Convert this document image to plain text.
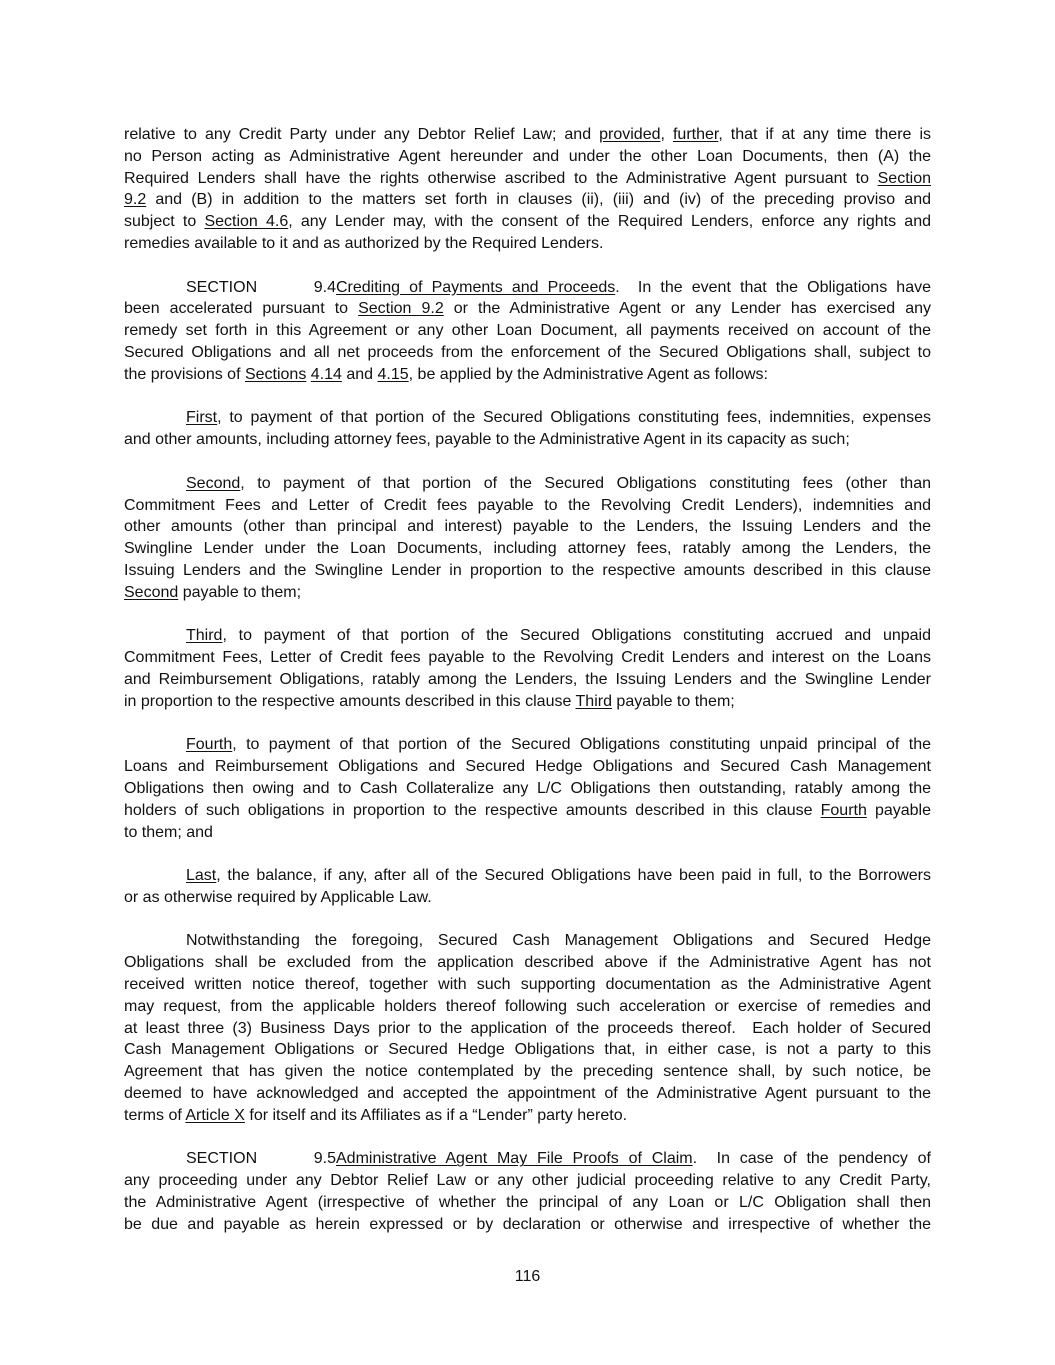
relative to any Credit Party under any Debtor Relief Law; and provided, further, that if at any time there is
no Person acting as Administrative Agent hereunder and under the other Loan Documents, then (A) the
Required Lenders shall have the rights otherwise ascribed to the Administrative Agent pursuant to Section
9.2 and (B) in addition to the matters set forth in clauses (ii), (iii) and (iv) of the preceding proviso and
subject to Section 4.6, any Lender may, with the consent of the Required Lenders, enforce any rights and
remedies available to it and as authorized by the Required Lenders.
SECTION 9.4Crediting of Payments and Proceeds.  In the event that the Obligations have
been accelerated pursuant to Section 9.2 or the Administrative Agent or any Lender has exercised any
remedy set forth in this Agreement or any other Loan Document, all payments received on account of the
Secured Obligations and all net proceeds from the enforcement of the Secured Obligations shall, subject to
the provisions of Sections 4.14 and 4.15, be applied by the Administrative Agent as follows:
First, to payment of that portion of the Secured Obligations constituting fees, indemnities, expenses
and other amounts, including attorney fees, payable to the Administrative Agent in its capacity as such;
Second, to payment of that portion of the Secured Obligations constituting fees (other than
Commitment Fees and Letter of Credit fees payable to the Revolving Credit Lenders), indemnities and
other amounts (other than principal and interest) payable to the Lenders, the Issuing Lenders and the
Swingline Lender under the Loan Documents, including attorney fees, ratably among the Lenders, the
Issuing Lenders and the Swingline Lender in proportion to the respective amounts described in this clause
Second payable to them;
Third, to payment of that portion of the Secured Obligations constituting accrued and unpaid
Commitment Fees, Letter of Credit fees payable to the Revolving Credit Lenders and interest on the Loans
and Reimbursement Obligations, ratably among the Lenders, the Issuing Lenders and the Swingline Lender
in proportion to the respective amounts described in this clause Third payable to them;
Fourth, to payment of that portion of the Secured Obligations constituting unpaid principal of the
Loans and Reimbursement Obligations and Secured Hedge Obligations and Secured Cash Management
Obligations then owing and to Cash Collateralize any L/C Obligations then outstanding, ratably among the
holders of such obligations in proportion to the respective amounts described in this clause Fourth payable
to them; and
Last, the balance, if any, after all of the Secured Obligations have been paid in full, to the Borrowers
or as otherwise required by Applicable Law.
Notwithstanding the foregoing, Secured Cash Management Obligations and Secured Hedge
Obligations shall be excluded from the application described above if the Administrative Agent has not
received written notice thereof, together with such supporting documentation as the Administrative Agent
may request, from the applicable holders thereof following such acceleration or exercise of remedies and
at least three (3) Business Days prior to the application of the proceeds thereof.  Each holder of Secured
Cash Management Obligations or Secured Hedge Obligations that, in either case, is not a party to this
Agreement that has given the notice contemplated by the preceding sentence shall, by such notice, be
deemed to have acknowledged and accepted the appointment of the Administrative Agent pursuant to the
terms of Article X for itself and its Affiliates as if a “Lender” party hereto.
SECTION 9.5Administrative Agent May File Proofs of Claim.  In case of the pendency of
any proceeding under any Debtor Relief Law or any other judicial proceeding relative to any Credit Party,
the Administrative Agent (irrespective of whether the principal of any Loan or L/C Obligation shall then
be due and payable as herein expressed or by declaration or otherwise and irrespective of whether the
116
